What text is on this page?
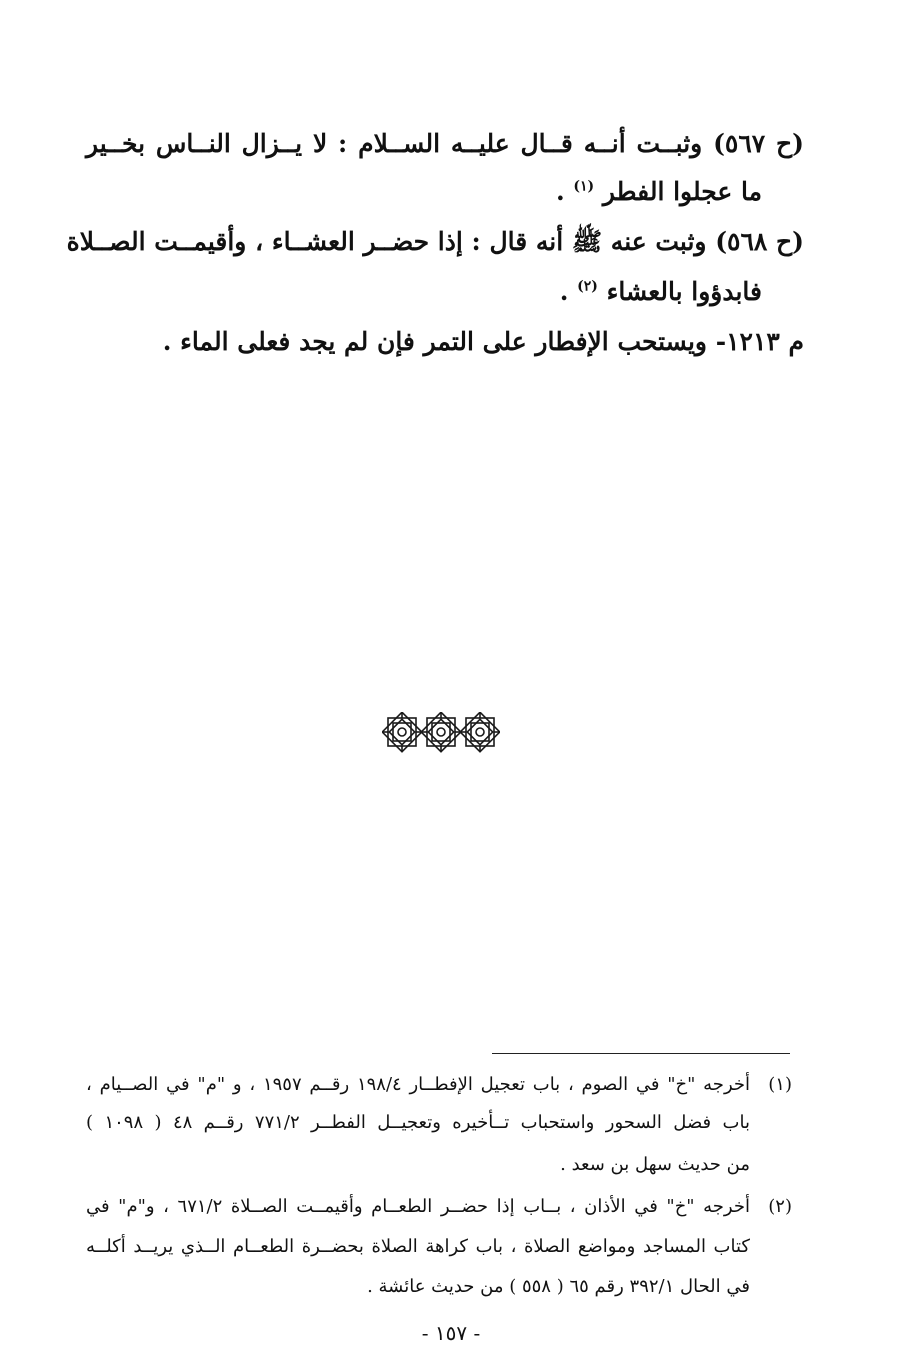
(ح ٥٦٧) وثبــت أنــه قــال عليــه الســلام : لا يــزال النــاس بخــير
ما عجلوا الفطر $^{(١)}$ .
(ح ٥٦٨) وثبت عنه ﷺ أنه قال : إذا حضــر العشــاء ، وأقيمــت الصــلاة
فابدؤوا بالعشاء $^{(٢)}$ .
م ١٢١٣- ويستحب الإفطار على التمر فإن لم يجد فعلى الماء .
(١)
أخرجه "خ" في الصوم ، باب تعجيل الإفطــار ١٩٨/٤ رقــم ١٩٥٧ ، و "م" في الصــيام ،
باب فضل السحور واستحباب تــأخيره وتعجيــل الفطــر ٧٧١/٢ رقــم ٤٨ ( ١٠٩٨ )
من حديث سهل بن سعد .
(٢)
أخرجه "خ" في الأذان ، بــاب إذا حضــر الطعــام وأقيمــت الصــلاة ٦٧١/٢ ، و"م" في
كتاب المساجد ومواضع الصلاة ، باب كراهة الصلاة بحضــرة الطعــام الــذي يريــد أكلــه
في الحال ٣٩٢/١ رقم ٦٥ ( ٥٥٨ ) من حديث عائشة .
- ١٥٧ -
